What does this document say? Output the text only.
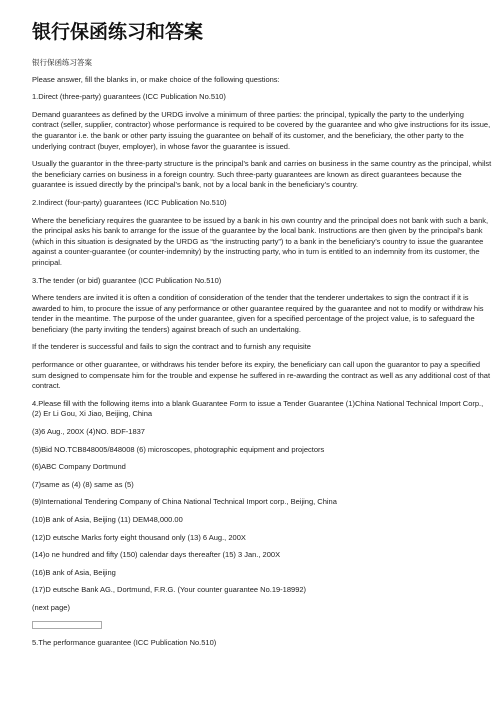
银行保函练习和答案

银行保函练习答案

Please answer, fill the blanks in, or make choice of the following questions:

1.Direct (three-party) guarantees (ICC Publication No.510)

Demand guarantees as defined by the URDG involve a minimum of three parties: the principal, typically the party to the underlying contract (seller, supplier, contractor) whose performance is required to be covered by the guarantee and who give instructions for its issue, the guarantor i.e. the bank or other party issuing the guarantee on behalf of its customer, and the beneficiary, the other party to the underlying contract (buyer, employer), in whose favor the guarantee is issued.

Usually the guarantor in the three-party structure is the principal’s bank and carries on business in the same country as the principal, whilst the beneficiary carries on business in a foreign country. Such three-party guarantees are known as direct guarantees because the guarantee is issued directly by the principal’s bank, not by a local bank in the beneficiary’s country.

2.Indirect (four-party) guarantees (ICC Publication No.510)

Where the beneficiary requires the guarantee to be issued by a bank in his own country and the principal does not bank with such a bank, the principal asks his bank to arrange for the issue of the guarantee by the local bank. Instructions are then given by the principal’s bank (which in this situation is designated by the URDG as “the instructing party”) to a bank in the beneficiary’s country to issue the guarantee against a counter-guarantee (or counter-indemnity) by the instructing party, who in turn is entitled to an indemnity from its customer, the principal.

3.The tender (or bid) guarantee (ICC Publication No.510)

Where tenders are invited it is often a condition of consideration of the tender that the tenderer undertakes to sign the contract if it is awarded to him, to procure the issue of any performance or other guarantee required by the guarantee and not to modify or withdraw his tender in the meantime. The purpose of the under guarantee, given for a specified percentage of the project value, is to safeguard the beneficiary (the party inviting the tenders) against breach of such an undertaking.

If the tenderer is successful and fails to sign the contract and to furnish any requisite

performance or other guarantee, or withdraws his tender before its expiry, the beneficiary can call upon the guarantor to pay a specified sum designed to compensate him for the trouble and expense he suffered in re-awarding the contract as well as any additional cost of that contract.

4.Please fill with the following items into a blank Guarantee Form to issue a Tender Guarantee (1)China National Technical Import Corp., (2) Er Li Gou, Xi Jiao, Beijing, China

(3)6 Aug., 200X (4)NO. BDF-1837

(5)Bid NO.TCB848005/848008 (6) microscopes, photographic equipment and projectors

(6)ABC Company Dortmund

(7)same as (4) (8) same as (5)

(9)International Tendering Company of China National Technical Import corp., Beijing, China

(10)B ank of Asia, Beijing (11) DEM48,000.00

(12)D eutsche Marks forty eight thousand only (13) 6 Aug., 200X

(14)o ne hundred and fifty (150) calendar days thereafter (15) 3 Jan., 200X

(16)B ank of Asia, Beijing

(17)D eutsche Bank AG., Dortmund, F.R.G. (Your counter guarantee No.19-18992)

(next page)

5.The performance guarantee (ICC Publication No.510)
